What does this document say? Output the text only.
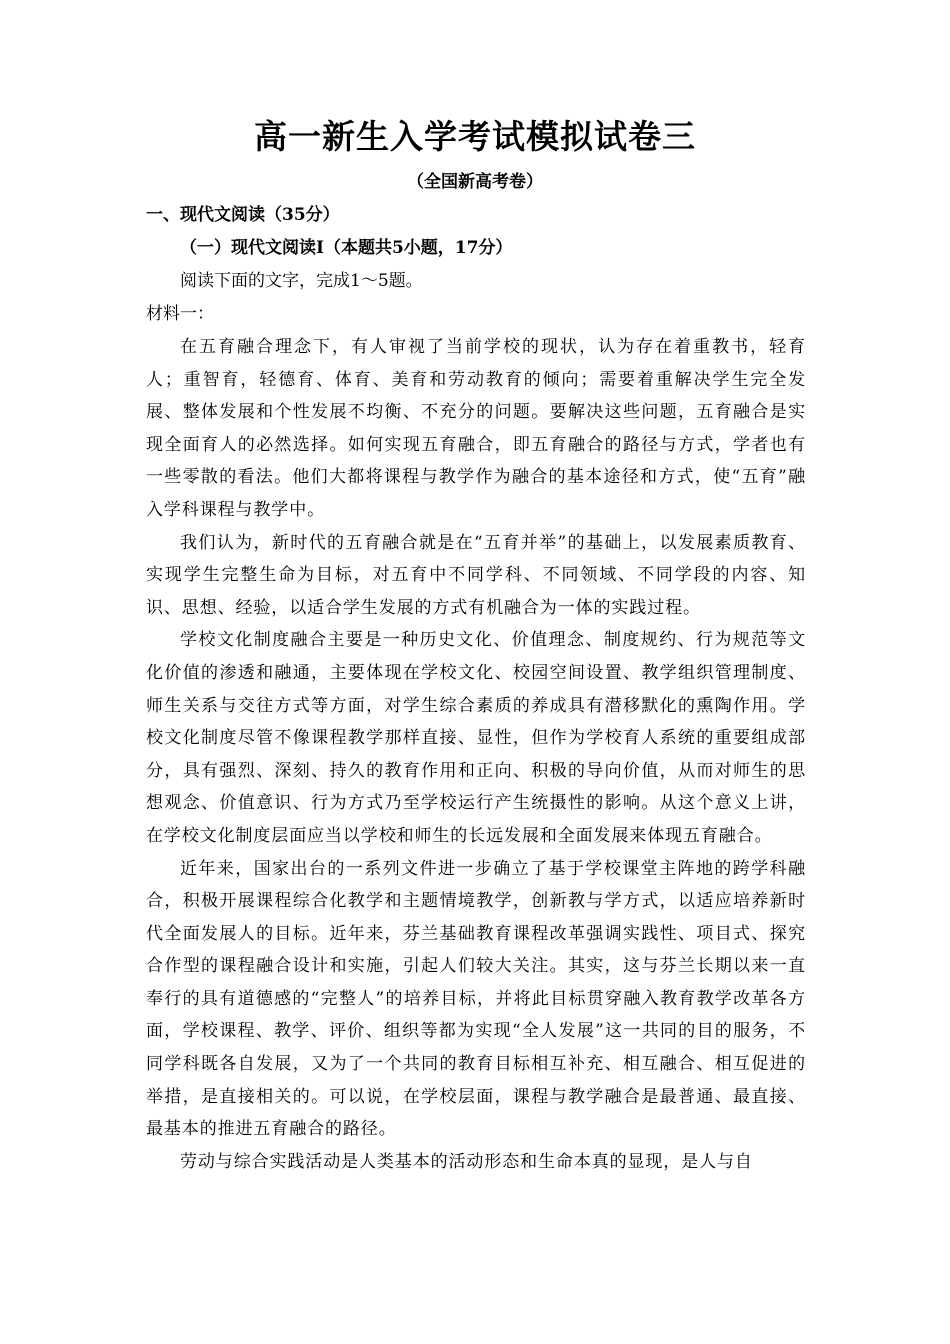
高一新生入学考试模拟试卷三
（全国新高考卷）
一、现代文阅读（35分）
（一）现代文阅读Ⅰ（本题共5小题，17分）
阅读下面的文字，完成1～5题。
材料一：

在五育融合理念下，有人审视了当前学校的现状，认为存在着重教书，轻育人；重智育，轻德育、体育、美育和劳动教育的倾向；需要着重解决学生完全发展、整体发展和个性发展不均衡、不充分的问题。要解决这些问题，五育融合是实现全面育人的必然选择。如何实现五育融合，即五育融合的路径与方式，学者也有一些零散的看法。他们大都将课程与教学作为融合的基本途径和方式，使“五育”融入学科课程与教学中。

我们认为，新时代的五育融合就是在“五育并举”的基础上，以发展素质教育、实现学生完整生命为目标，对五育中不同学科、不同领域、不同学段的内容、知识、思想、经验，以适合学生发展的方式有机融合为一体的实践过程。

学校文化制度融合主要是一种历史文化、价值理念、制度规约、行为规范等文化价值的渗透和融通，主要体现在学校文化、校园空间设置、教学组织管理制度、师生关系与交往方式等方面，对学生综合素质的养成具有潜移默化的熏陶作用。学校文化制度尽管不像课程教学那样直接、显性，但作为学校育人系统的重要组成部分，具有强烈、深刻、持久的教育作用和正向、积极的导向价值，从而对师生的思想观念、价值意识、行为方式乃至学校运行产生统摄性的影响。从这个意义上讲，在学校文化制度层面应当以学校和师生的长远发展和全面发展来体现五育融合。

近年来，国家出台的一系列文件进一步确立了基于学校课堂主阵地的跨学科融合，积极开展课程综合化教学和主题情境教学，创新教与学方式，以适应培养新时代全面发展人的目标。近年来，芬兰基础教育课程改革强调实践性、项目式、探究合作型的课程融合设计和实施，引起人们较大关注。其实，这与芬兰长期以来一直奉行的具有道德感的“完整人”的培养目标，并将此目标贯穿融入教育教学改革各方面，学校课程、教学、评价、组织等都为实现“全人发展”这一共同的目的服务，不同学科既各自发展，又为了一个共同的教育目标相互补充、相互融合、相互促进的举措，是直接相关的。可以说，在学校层面，课程与教学融合是最普通、最直接、最基本的推进五育融合的路径。

劳动与综合实践活动是人类基本的活动形态和生命本真的显现，是人与自
